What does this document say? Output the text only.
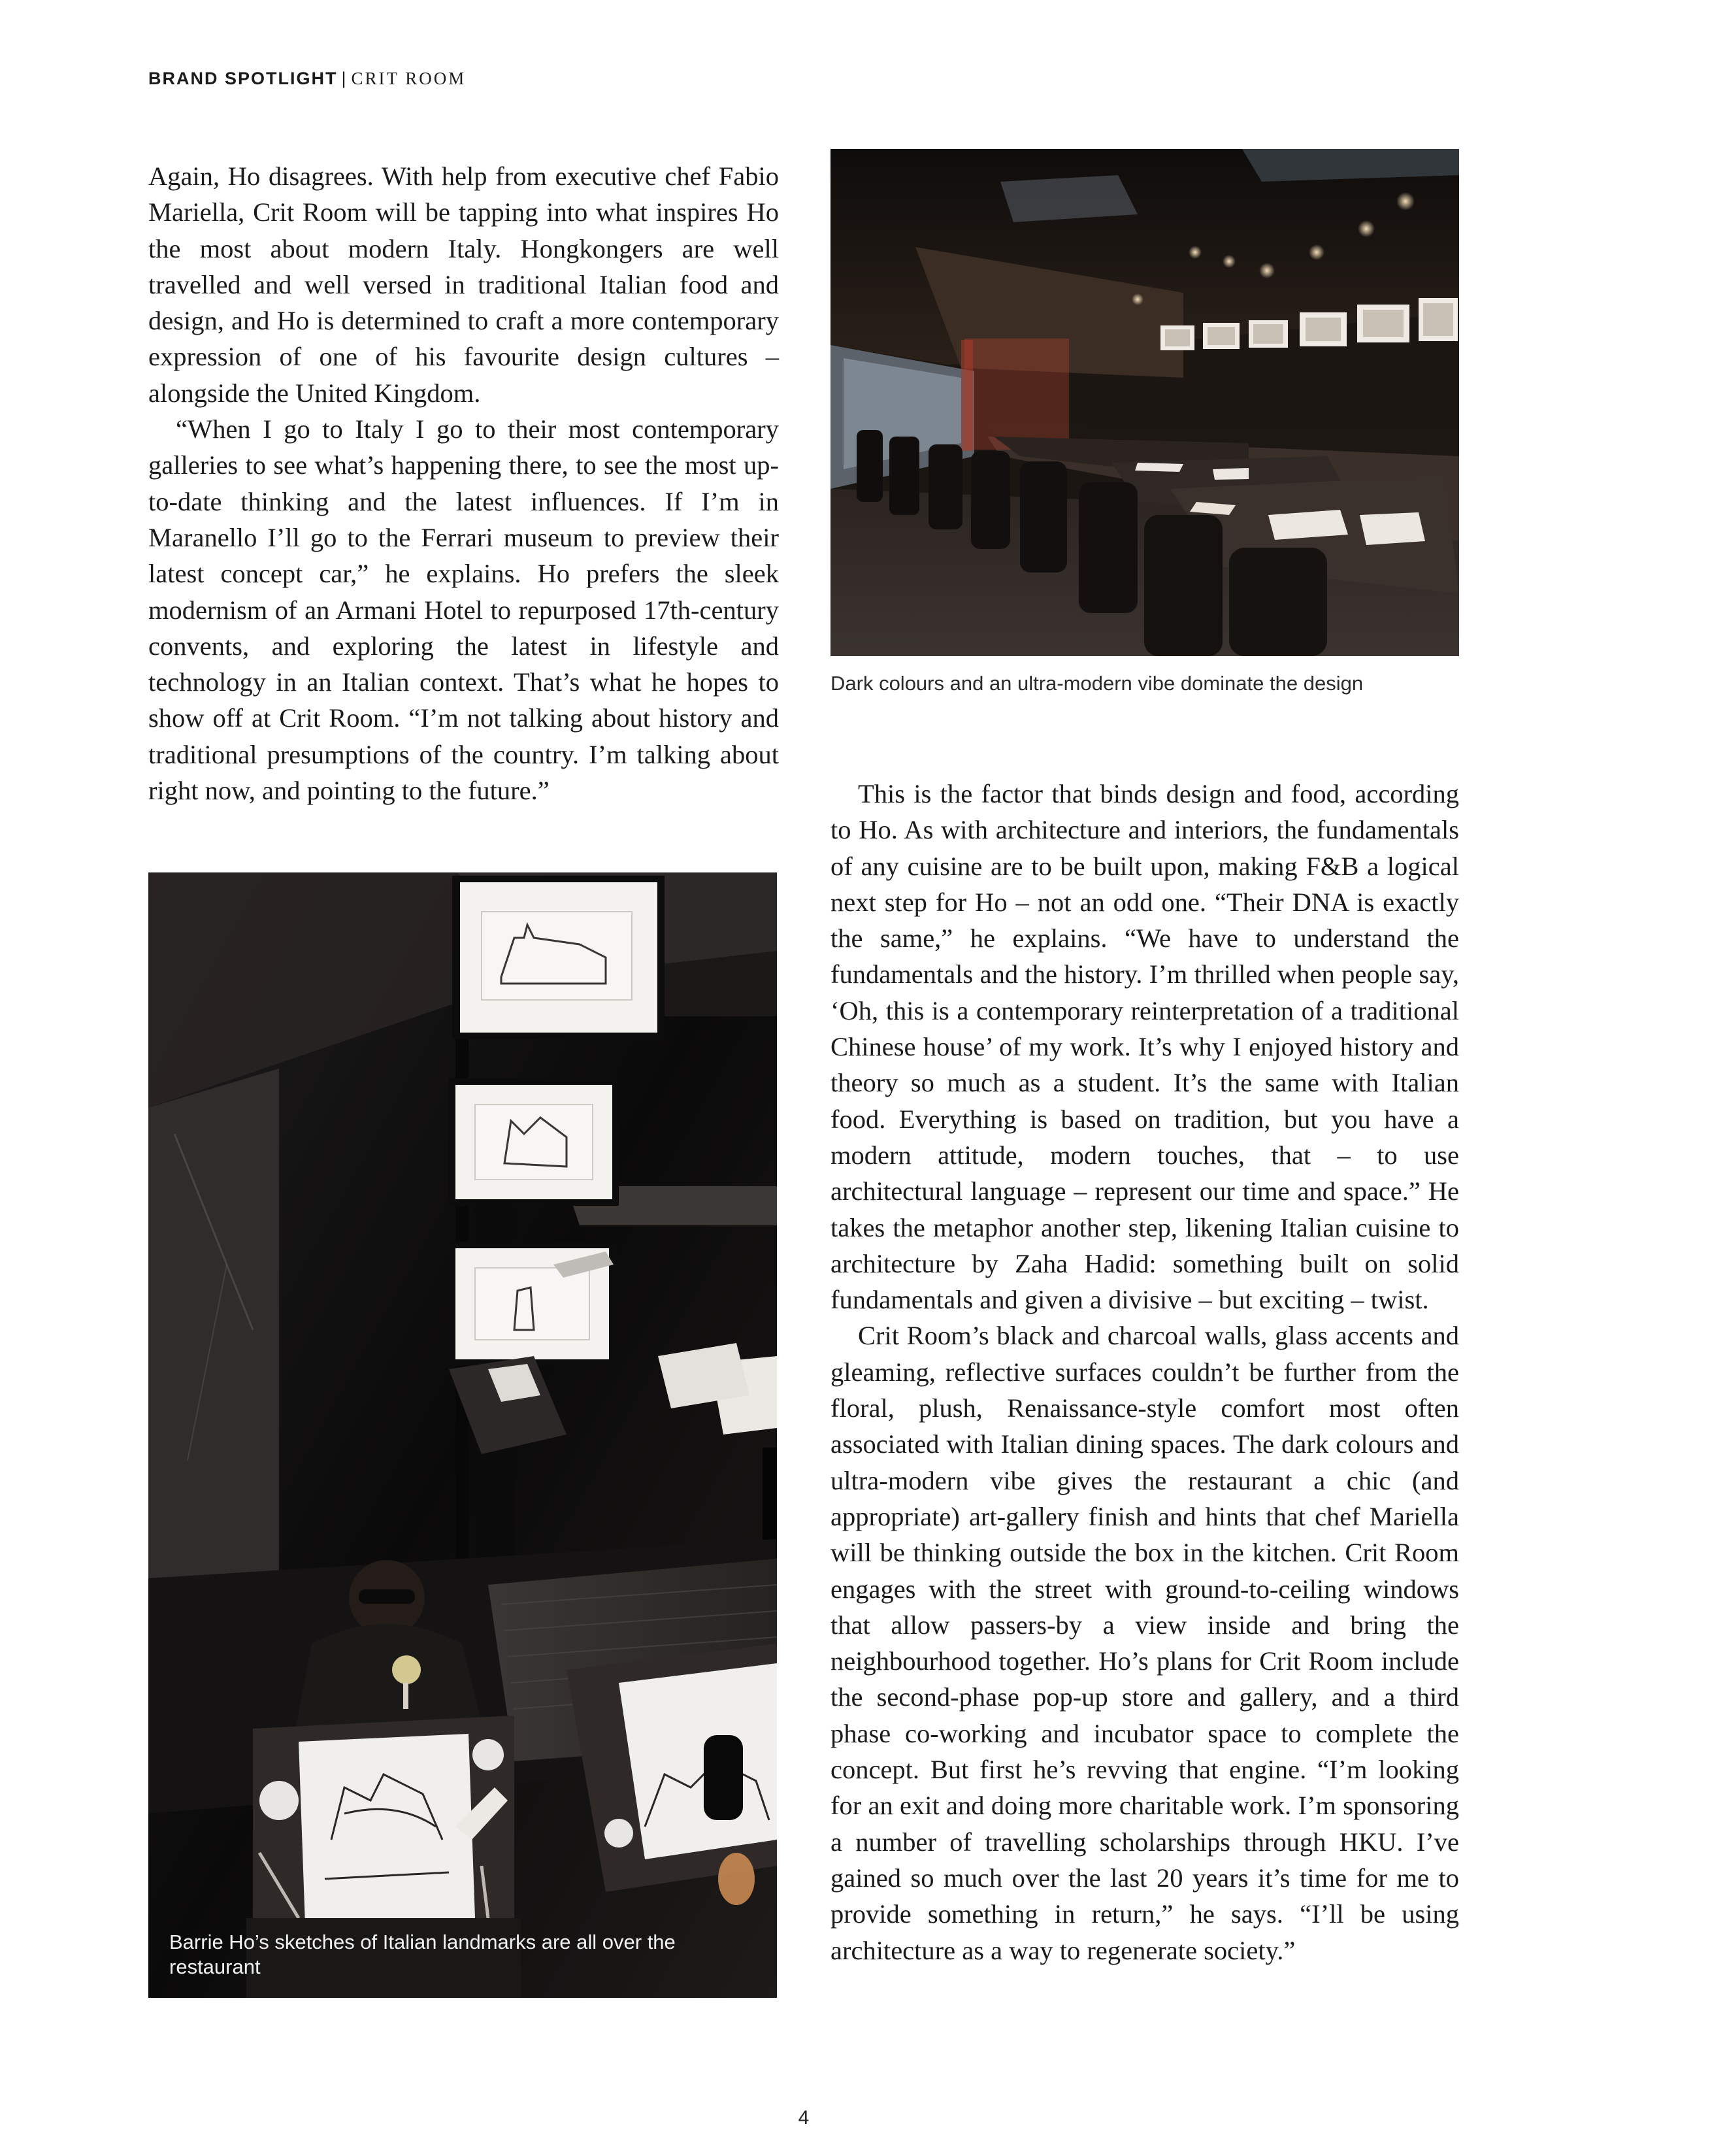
BRAND SPOTLIGHT | CRIT ROOM

Again, Ho disagrees. With help from executive chef Fabio Mariella, Crit Room will be tapping into what inspires Ho the most about modern Italy. Hongkongers are well travelled and well versed in traditional Italian food and design, and Ho is determined to craft a more contemporary expression of one of his favourite design cultures – alongside the United Kingdom.

“When I go to Italy I go to their most contemporary galleries to see what’s happening there, to see the most up-to-date thinking and the latest influences. If I’m in Maranello I’ll go to the Ferrari museum to preview their latest concept car,” he explains. Ho prefers the sleek modernism of an Armani Hotel to repurposed 17th-century convents, and exploring the latest in lifestyle and technology in an Italian context. That’s what he hopes to show off at Crit Room. “I’m not talking about history and traditional presumptions of the country. I’m talking about right now, and pointing to the future.”

Dark colours and an ultra-modern vibe dominate the design

This is the factor that binds design and food, according to Ho. As with architecture and interiors, the fundamentals of any cuisine are to be built upon, making F&B a logical next step for Ho – not an odd one. “Their DNA is exactly the same,” he explains. “We have to understand the fundamentals and the history. I’m thrilled when people say, ‘Oh, this is a contemporary reinterpretation of a traditional Chinese house’ of my work. It’s why I enjoyed history and theory so much as a student. It’s the same with Italian food. Everything is based on tradition, but you have a modern attitude, modern touches, that – to use architectural language – represent our time and space.” He takes the metaphor another step, likening Italian cuisine to architecture by Zaha Hadid: something built on solid fundamentals and given a divisive – but exciting – twist.

Crit Room’s black and charcoal walls, glass accents and gleaming, reflective surfaces couldn’t be further from the floral, plush, Renaissance-style comfort most often associated with Italian dining spaces. The dark colours and ultra-modern vibe gives the restaurant a chic (and appropriate) art-gallery finish and hints that chef Mariella will be thinking outside the box in the kitchen. Crit Room engages with the street with ground-to-ceiling windows that allow passers-by a view inside and bring the neighbourhood together. Ho’s plans for Crit Room include the second-phase pop-up store and gallery, and a third phase co-working and incubator space to complete the concept. But first he’s revving that engine. “I’m looking for an exit and doing more charitable work. I’m sponsoring a number of travelling scholarships through HKU. I’ve gained so much over the last 20 years it’s time for me to provide something in return,” he says. “I’ll be using architecture as a way to regenerate society.”

Barrie Ho’s sketches of Italian landmarks are all over the restaurant
4
